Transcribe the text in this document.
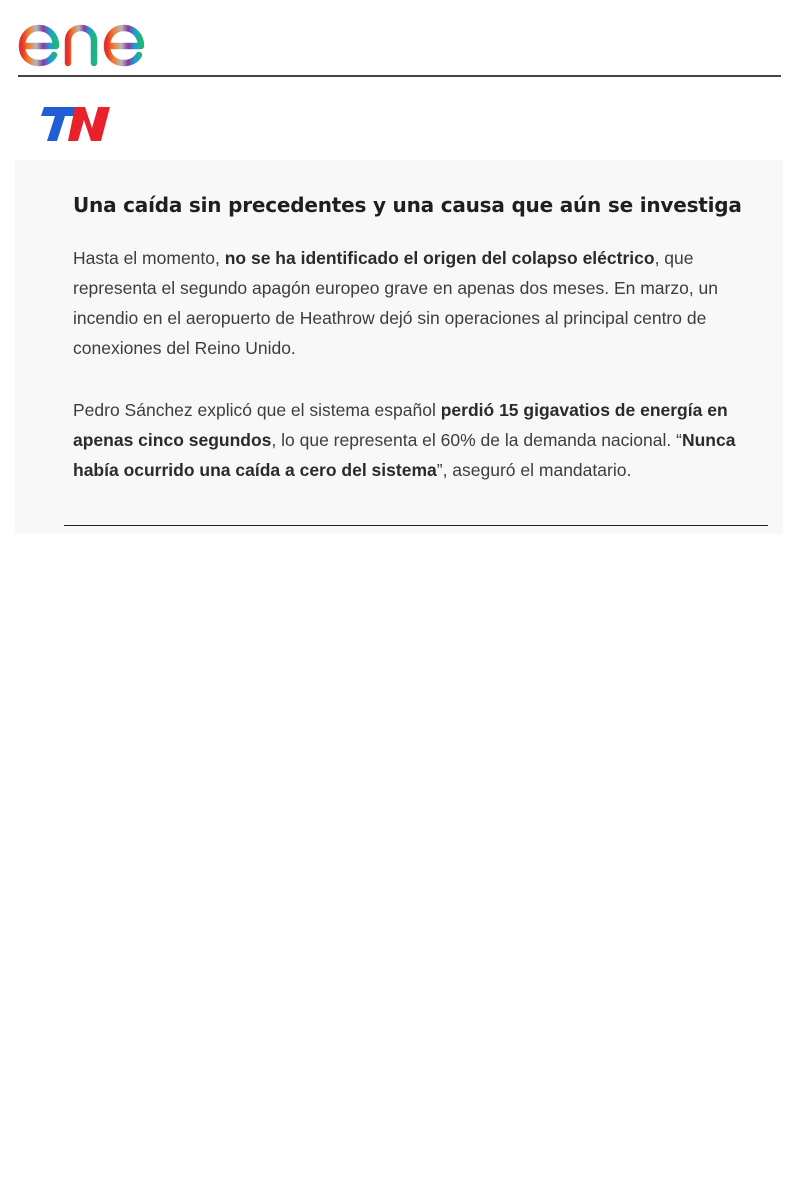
Una caída sin precedentes y una causa que aún se investiga

Hasta el momento, no se ha identificado el origen del colapso eléctrico, que representa el segundo apagón europeo grave en apenas dos meses. En marzo, un incendio en el aeropuerto de Heathrow dejó sin operaciones al principal centro de conexiones del Reino Unido.

Pedro Sánchez explicó que el sistema español perdió 15 gigavatios de energía en apenas cinco segundos, lo que representa el 60% de la demanda nacional. “Nunca había ocurrido una caída a cero del sistema”, aseguró el mandatario.
